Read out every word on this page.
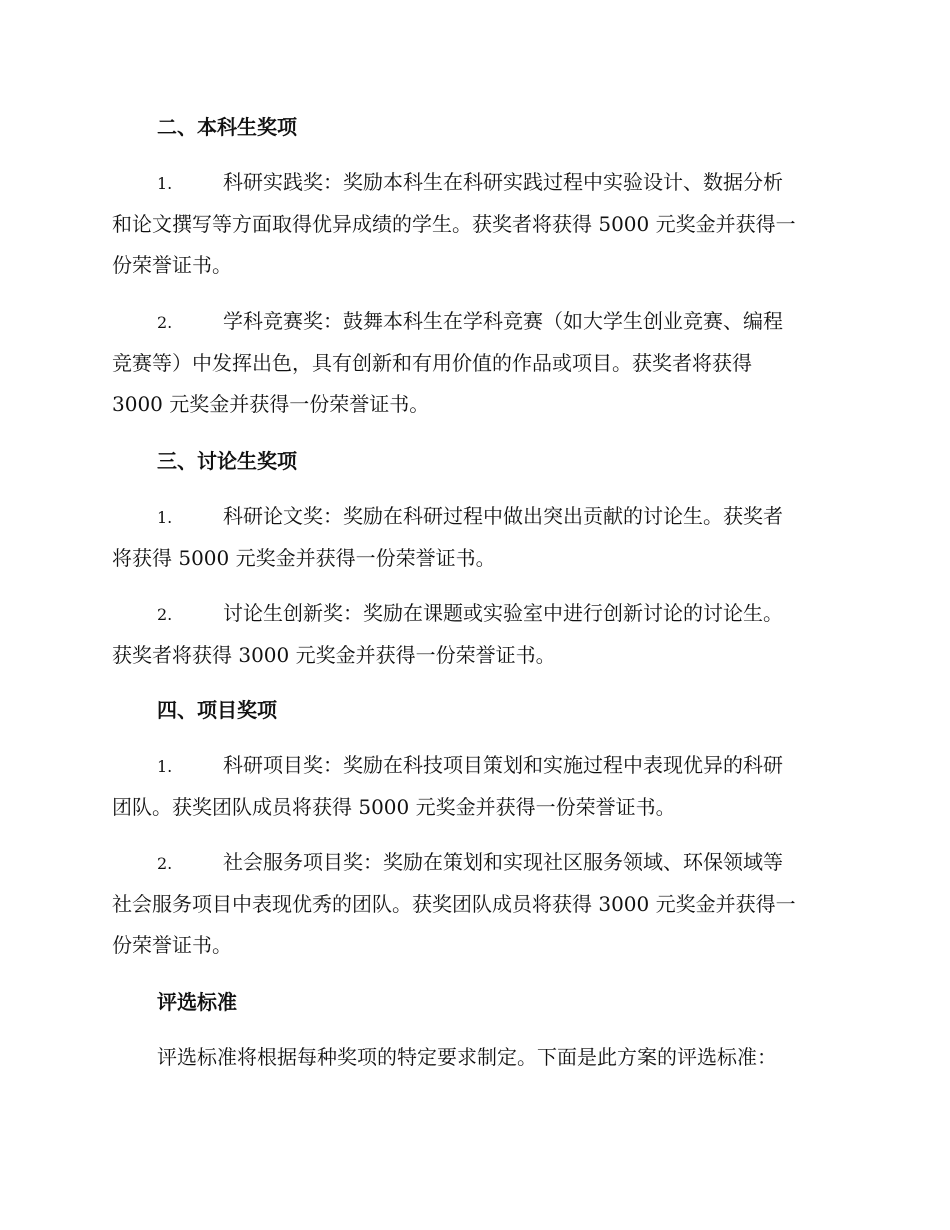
二、本科生奖项
1.	科研实践奖：奖励本科生在科研实践过程中实验设计、数据分析
和论文撰写等方面取得优异成绩的学生。获奖者将获得 5000 元奖金并获得一
份荣誉证书。
2.	学科竞赛奖：鼓舞本科生在学科竞赛（如大学生创业竞赛、编程
竞赛等）中发挥出色，具有创新和有用价值的作品或项目。获奖者将获得
3000 元奖金并获得一份荣誉证书。
三、讨论生奖项
1.	科研论文奖：奖励在科研过程中做出突出贡献的讨论生。获奖者
将获得 5000 元奖金并获得一份荣誉证书。
2.	讨论生创新奖：奖励在课题或实验室中进行创新讨论的讨论生。
获奖者将获得 3000 元奖金并获得一份荣誉证书。
四、项目奖项
1.	科研项目奖：奖励在科技项目策划和实施过程中表现优异的科研
团队。获奖团队成员将获得 5000 元奖金并获得一份荣誉证书。
2.	社会服务项目奖：奖励在策划和实现社区服务领域、环保领域等
社会服务项目中表现优秀的团队。获奖团队成员将获得 3000 元奖金并获得一
份荣誉证书。
评选标准
评选标准将根据每种奖项的特定要求制定。下面是此方案的评选标准：
